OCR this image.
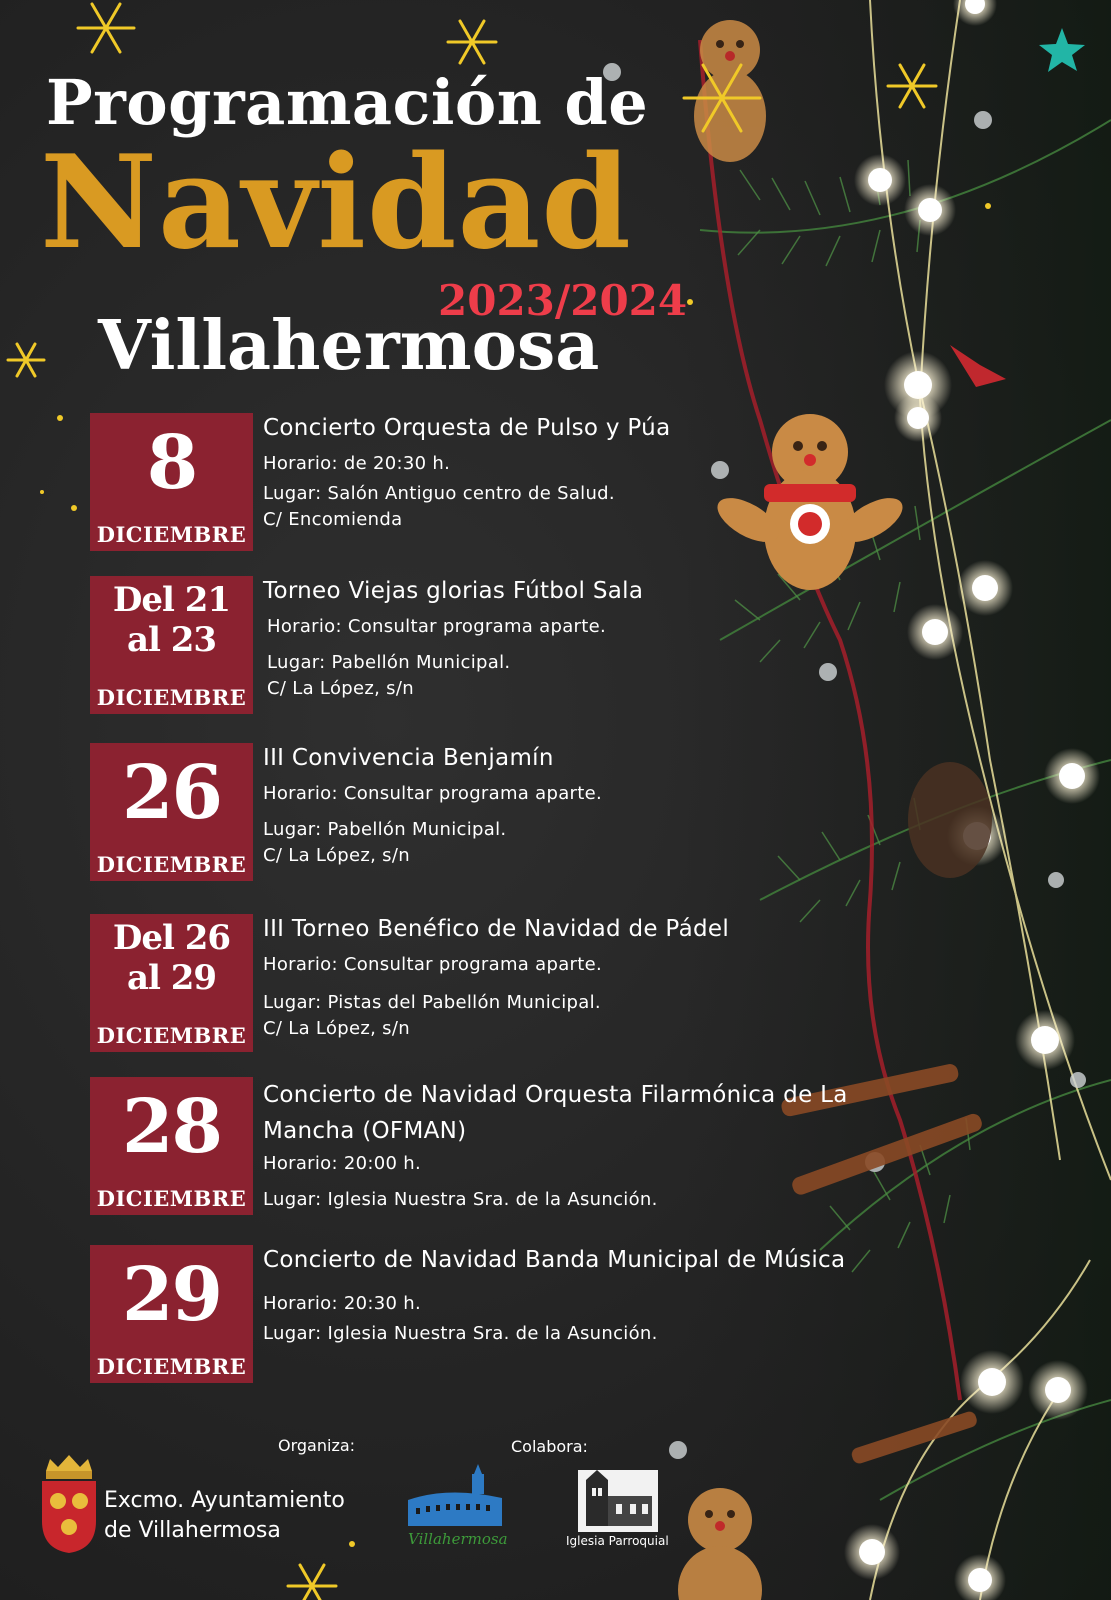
Programación de
Navidad
2023/2024
Villahermosa
8
DICIEMBRE
Concierto Orquesta de Pulso y Púa
Horario: de 20:30 h.
Lugar: Salón Antiguo centro de Salud.
C/ Encomienda
Del 21
al 23
DICIEMBRE
Torneo Viejas glorias Fútbol Sala
Horario: Consultar programa aparte.
Lugar: Pabellón Municipal.
C/ La López, s/n
26
DICIEMBRE
III Convivencia Benjamín
Horario: Consultar programa aparte.
Lugar: Pabellón Municipal.
C/ La López, s/n
Del 26
al 29
DICIEMBRE
III Torneo Benéfico de Navidad de Pádel
Horario: Consultar programa aparte.
Lugar: Pistas del Pabellón Municipal.
C/ La López, s/n
28
DICIEMBRE
Concierto de Navidad Orquesta Filarmónica de La Mancha (OFMAN)
Horario: 20:00 h.
Lugar: Iglesia Nuestra Sra. de la Asunción.
29
DICIEMBRE
Concierto de Navidad Banda Municipal de Música
Horario: 20:30 h.
Lugar: Iglesia Nuestra Sra. de la Asunción.
Organiza:	Colabora:
Excmo. Ayuntamiento
de Villahermosa	Villahermosa	Iglesia Parroquial
